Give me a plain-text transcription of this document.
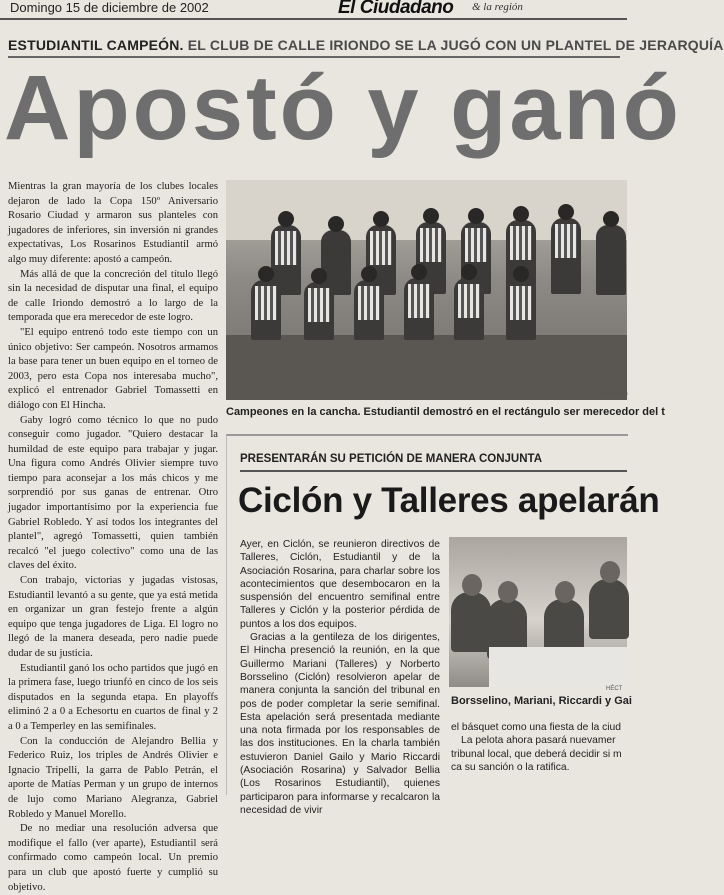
Domingo 15 de diciembre de 2002	El Ciudadano & la región
ESTUDIANTIL CAMPEÓN. EL CLUB DE CALLE IRIONDO SE LA JUGÓ CON UN PLANTEL DE JERARQUÍA
Apostó y ganó

Mientras la gran mayoría de los clubes locales dejaron de lado la Copa 150º Aniversario Rosario Ciudad y armaron sus planteles con jugadores de inferiores, sin inversión ni grandes expectativas, Los Rosarinos Estudiantil armó algo muy diferente: apostó a campeón.

Más allá de que la concreción del título llegó sin la necesidad de disputar una final, el equipo de calle Iriondo demostró a lo largo de la temporada que era merecedor de este logro.

"El equipo entrenó todo este tiempo con un único objetivo: Ser campeón. Nosotros armamos la base para tener un buen equipo en el torneo de 2003, pero esta Copa nos interesaba mucho", explicó el entrenador Gabriel Tomassetti en diálogo con El Hincha.

Gaby logró como técnico lo que no pudo conseguir como jugador. "Quiero destacar la humildad de este equipo para trabajar y jugar. Una figura como Andrés Olivier siempre tuvo tiempo para aconsejar a los más chicos y me sorprendió por sus ganas de entrenar. Otro jugador importantísimo por la experiencia fue Gabriel Robledo. Y así todos los integrantes del plantel", agregó Tomassetti, quien también recalcó "el juego colectivo" como una de las claves del éxito.

Con trabajo, victorias y jugadas vistosas, Estudiantil levantó a su gente, que ya está metida en organizar un gran festejo frente a algún equipo que tenga jugadores de Liga. El logro no llegó de la manera deseada, pero nadie puede dudar de su justicia.

Estudiantil ganó los ocho partidos que jugó en la primera fase, luego triunfó en cinco de los seis disputados en la segunda etapa. En playoffs eliminó 2 a 0 a Echesortu en cuartos de final y 2 a 0 a Temperley en las semifinales.

Con la conducción de Alejandro Bellia y Federico Ruiz, los triples de Andrés Olivier e Ignacio Tripelli, la garra de Pablo Petrán, el aporte de Matías Perman y un grupo de internos de lujo como Mariano Alegranza, Gabriel Robledo y Manuel Morello.

De no mediar una resolución adversa que modifique el fallo (ver aparte), Estudiantil será confirmado como campeón local. Un premio para un club que apostó fuerte y cumplió su objetivo.

MARCELO
Campeones en la cancha. Estudiantil demostró en el rectángulo ser merecedor del t
PRESENTARÁN SU PETICIÓN DE MANERA CONJUNTA
Ciclón y Talleres apelarán

Ayer, en Ciclón, se reunieron directivos de Talleres, Ciclón, Estudiantil y de la Asociación Rosarina, para charlar sobre los acontecimientos que desembocaron en la suspensión del encuentro semifinal entre Talleres y Ciclón y la posterior pérdida de puntos a los dos equipos.

Gracias a la gentileza de los dirigentes, El Hincha presenció la reunión, en la que Guillermo Mariani (Talleres) y Norberto Borsselino (Ciclón) resolvieron apelar de manera conjunta la sanción del tribunal en pos de poder completar la serie semifinal. Esta apelación será presentada mediante una nota firmada por los responsables de las dos instituciones. En la charla también estuvieron Daniel Gailo y Mario Riccardi (Asociación Rosarina) y Salvador Bellia (Los Rosarinos Estudiantil), quienes participaron para informarse y recalcaron la necesidad de vivir

HÉCT
Borsselino, Mariani, Riccardi y Gai

el básquet como una fiesta de la ciud

La pelota ahora pasará nuevamer

tribunal local, que deberá decidir si m

ca su sanción o la ratifica.
